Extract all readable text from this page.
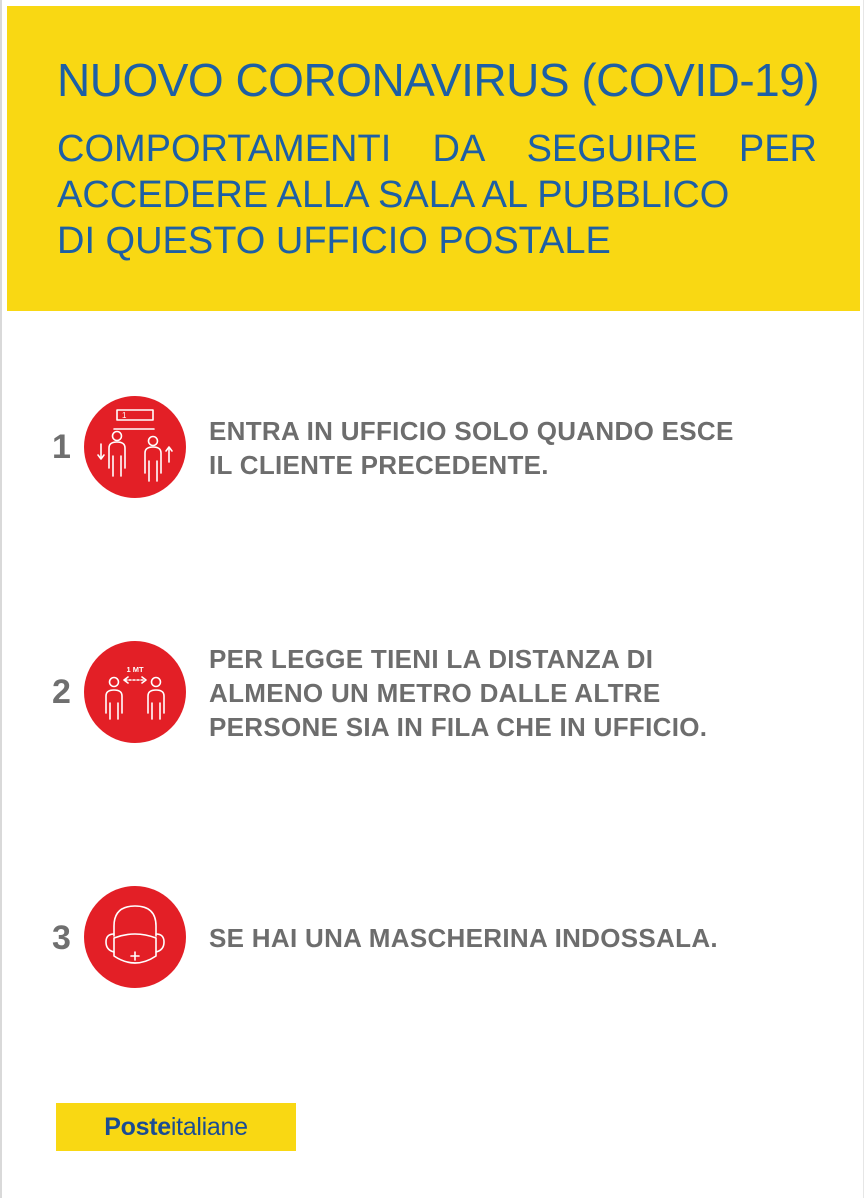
NUOVO CORONAVIRUS (COVID-19)
COMPORTAMENTI DA SEGUIRE PER
ACCEDERE ALLA SALA AL PUBBLICO
DI QUESTO UFFICIO POSTALE
1
1
ENTRA IN UFFICIO SOLO QUANDO ESCE
IL CLIENTE PRECEDENTE.
2
1 MT	PER LEGGE TIENI LA DISTANZA DI
ALMENO UN METRO DALLE ALTRE
PERSONE SIA IN FILA CHE IN UFFICIO.
3	SE HAI UNA MASCHERINA INDOSSALA.
Poste italiane
